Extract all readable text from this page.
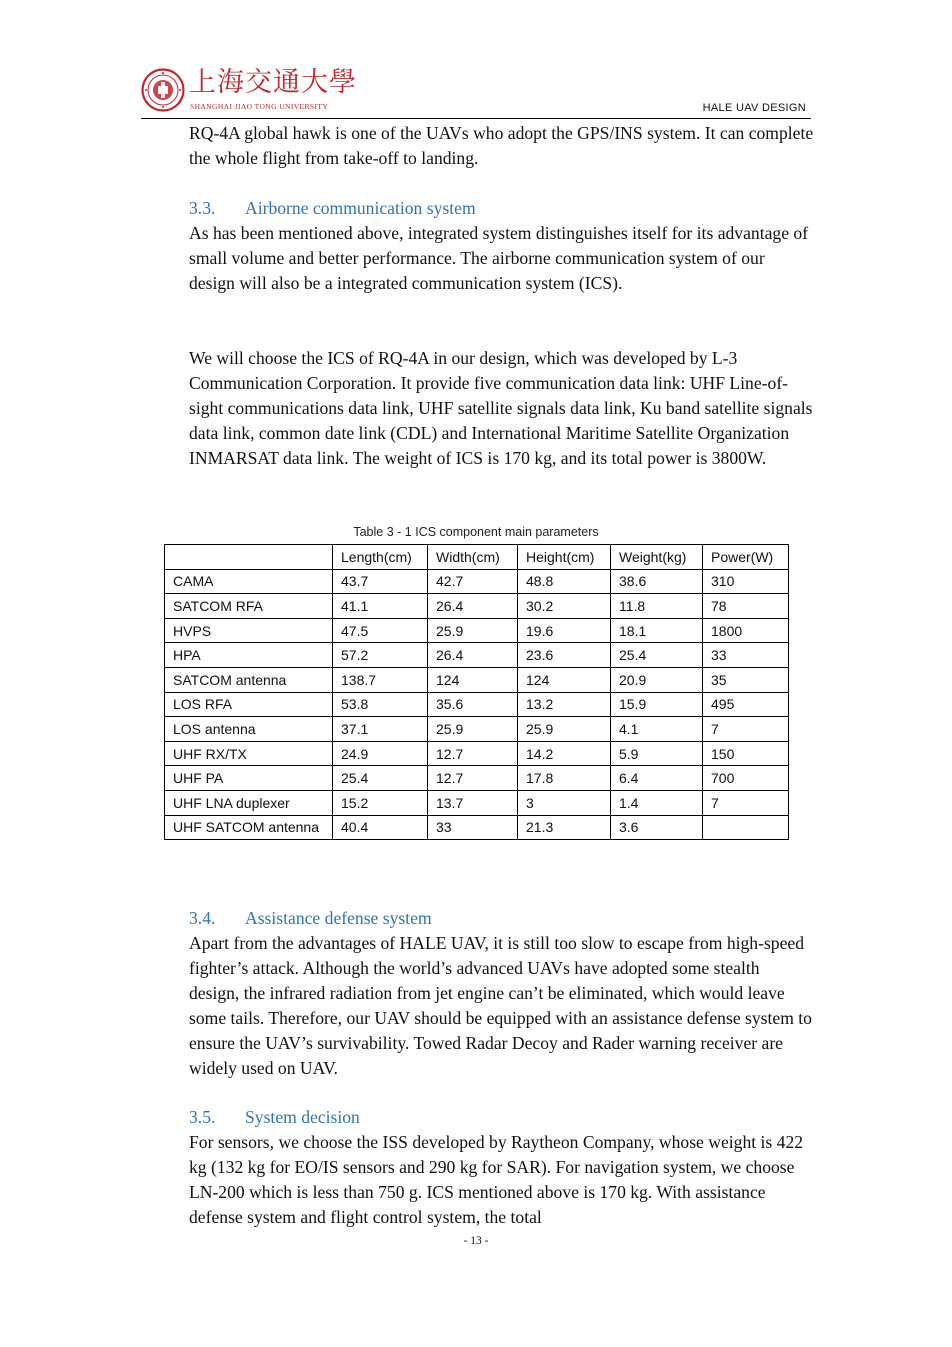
上海交通大學
SHANGHAI JIAO TONG UNIVERSITY	HALE UAV DESIGN

RQ-4A global hawk is one of the UAVs who adopt the GPS/INS system. It can complete the whole flight from take-off to landing.

3.3. Airborne communication system

As has been mentioned above, integrated system distinguishes itself for its advantage of small volume and better performance. The airborne communication system of our design will also be a integrated communication system (ICS).

We will choose the ICS of RQ-4A in our design, which was developed by L-3 Communication Corporation. It provide five communication data link: UHF Line-of-sight communications data link, UHF satellite signals data link, Ku band satellite signals data link, common date link (CDL) and International Maritime Satellite Organization INMARSAT data link. The weight of ICS is 170 kg, and its total power is 3800W.

Table 3 - 1 ICS component main parameters
	Length(cm)	Width(cm)	Height(cm)	Weight(kg)	Power(W)
CAMA	43.7	42.7	48.8	38.6	310
SATCOM RFA	41.1	26.4	30.2	11.8	78
HVPS	47.5	25.9	19.6	18.1	1800
HPA	57.2	26.4	23.6	25.4	33
SATCOM antenna	138.7	124	124	20.9	35
LOS RFA	53.8	35.6	13.2	15.9	495
LOS antenna	37.1	25.9	25.9	4.1	7
UHF RX/TX	24.9	12.7	14.2	5.9	150
UHF PA	25.4	12.7	17.8	6.4	700
UHF LNA duplexer	15.2	13.7	3	1.4	7
UHF SATCOM antenna	40.4	33	21.3	3.6	
3.4. Assistance defense system

Apart from the advantages of HALE UAV, it is still too slow to escape from high-speed fighter’s attack. Although the world’s advanced UAVs have adopted some stealth design, the infrared radiation from jet engine can’t be eliminated, which would leave some tails. Therefore, our UAV should be equipped with an assistance defense system to ensure the UAV’s survivability. Towed Radar Decoy and Rader warning receiver are widely used on UAV.

3.5. System decision

For sensors, we choose the ISS developed by Raytheon Company, whose weight is 422 kg (132 kg for EO/IS sensors and 290 kg for SAR). For navigation system, we choose LN-200 which is less than 750 g. ICS mentioned above is 170 kg. With assistance defense system and flight control system, the total

- 13 -
